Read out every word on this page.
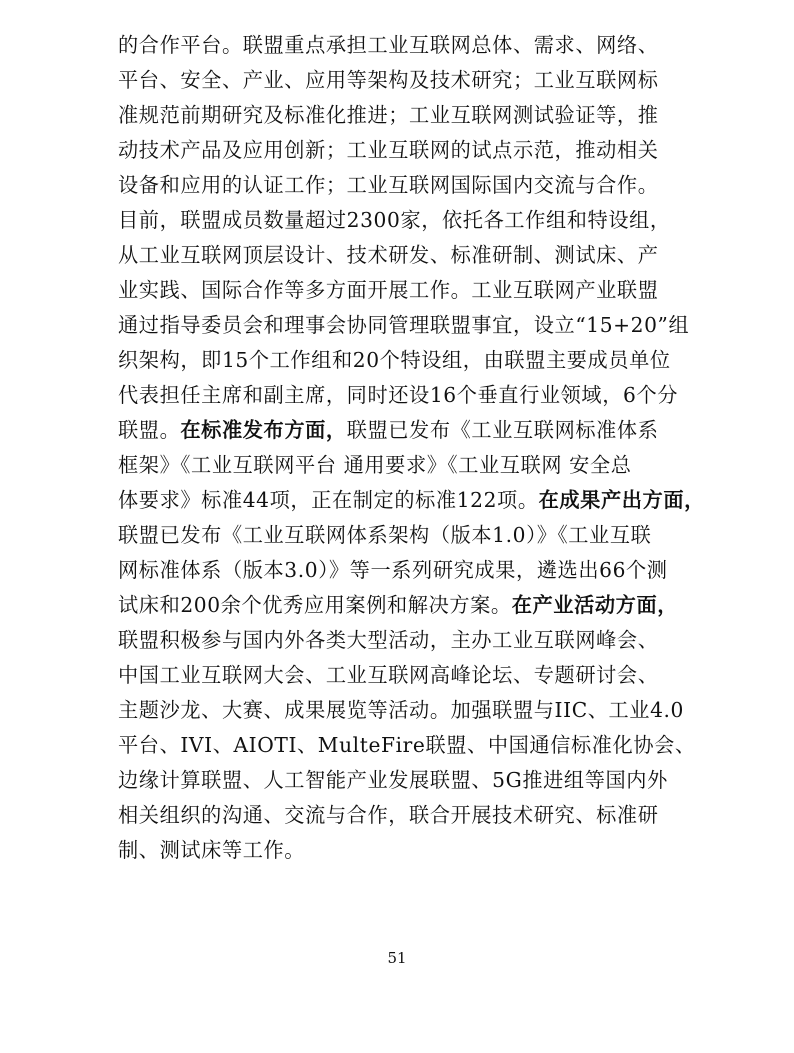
的合作平台。联盟重点承担工业互联网总体、需求、网络、
平台、安全、产业、应用等架构及技术研究；工业互联网标
准规范前期研究及标准化推进；工业互联网测试验证等，推
动技术产品及应用创新；工业互联网的试点示范，推动相关
设备和应用的认证工作；工业互联网国际国内交流与合作。
目前，联盟成员数量超过2300家，依托各工作组和特设组，
从工业互联网顶层设计、技术研发、标准研制、测试床、产
业实践、国际合作等多方面开展工作。工业互联网产业联盟
通过指导委员会和理事会协同管理联盟事宜，设立“15+20”组
织架构，即15个工作组和20个特设组，由联盟主要成员单位
代表担任主席和副主席，同时还设16个垂直行业领域，6个分
联盟。在标准发布方面，联盟已发布《工业互联网标准体系
框架》《工业互联网平台 通用要求》《工业互联网 安全总
体要求》标准44项，正在制定的标准122项。在成果产出方面，
联盟已发布《工业互联网体系架构（版本1.0）》《工业互联
网标准体系（版本3.0）》等一系列研究成果，遴选出66个测
试床和200余个优秀应用案例和解决方案。在产业活动方面，
联盟积极参与国内外各类大型活动，主办工业互联网峰会、
中国工业互联网大会、工业互联网高峰论坛、专题研讨会、
主题沙龙、大赛、成果展览等活动。加强联盟与IIC、工业4.0
平台、IVI、AIOTI、MulteFire联盟、中国通信标准化协会、
边缘计算联盟、人工智能产业发展联盟、5G推进组等国内外
相关组织的沟通、交流与合作，联合开展技术研究、标准研
制、测试床等工作。
51
